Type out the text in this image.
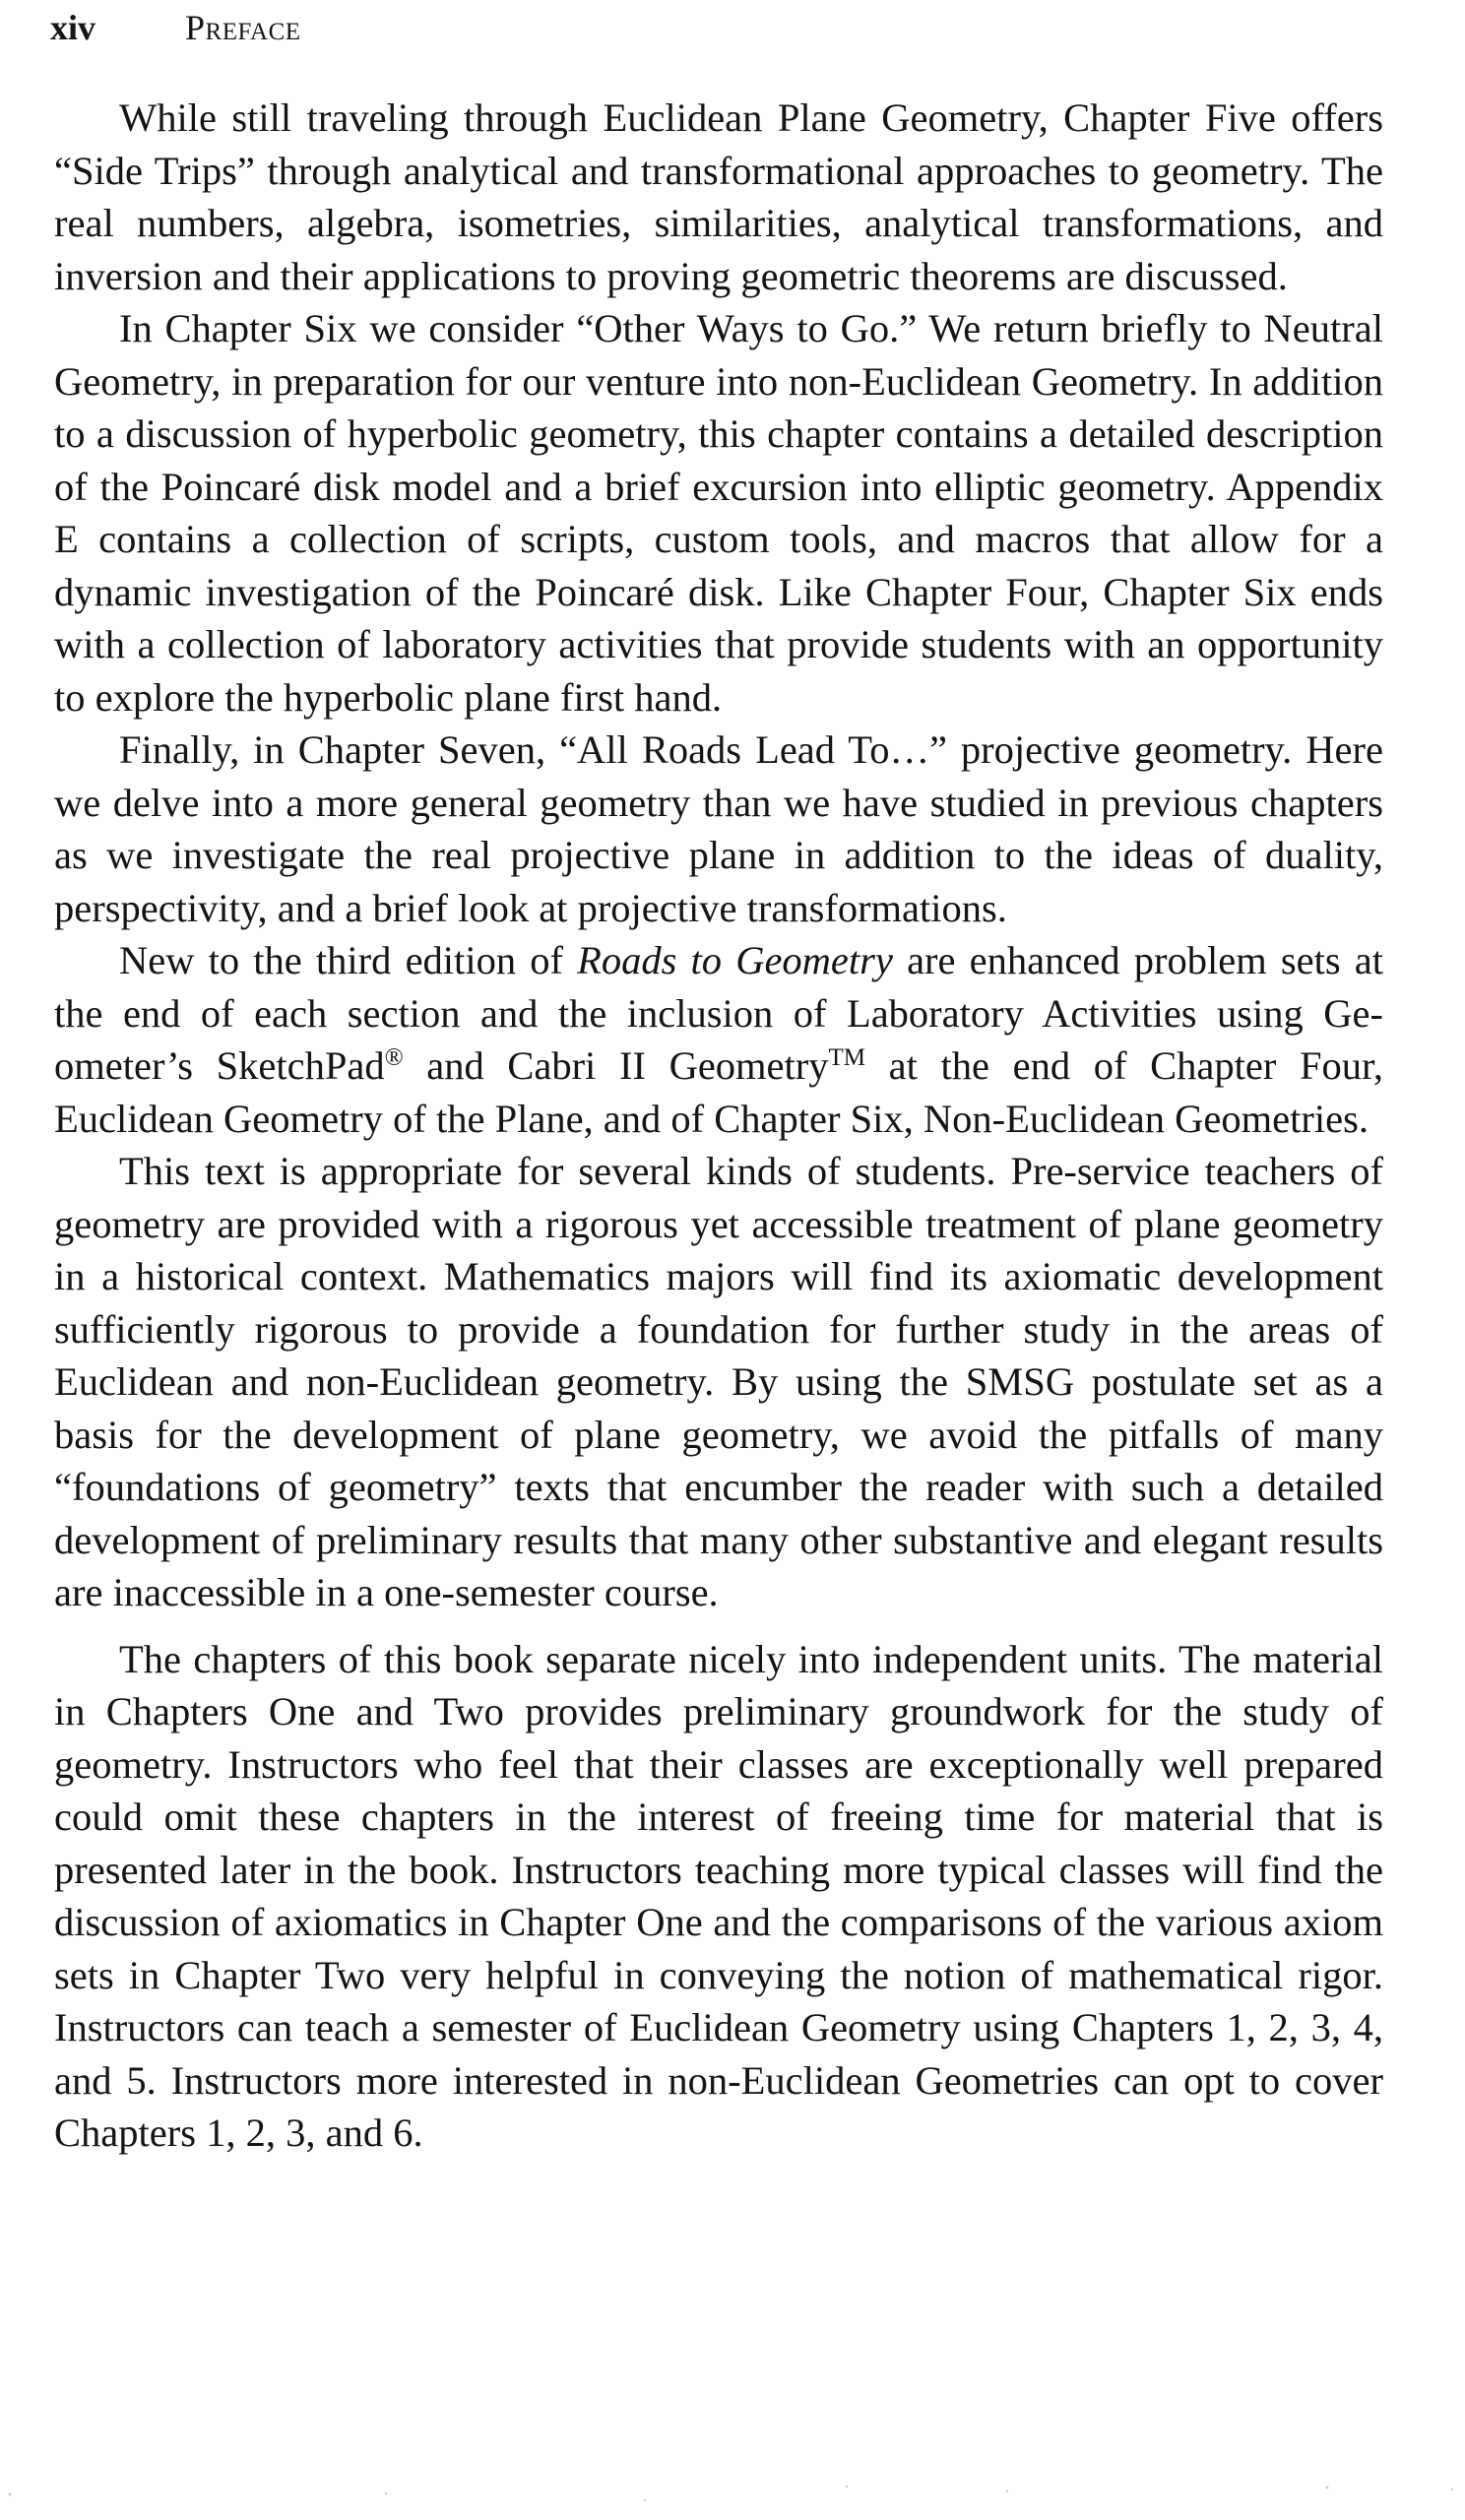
xiv	Preface

While still traveling through Euclidean Plane Geometry, Chapter Five offers “Side Trips” through analytical and transformational approaches to geometry. The real numbers, algebra, isometries, similarities, analytical transformations, and inversion and their applications to proving geometric theorems are discussed.

In Chapter Six we consider “Other Ways to Go.” We return briefly to Neutral Geometry, in preparation for our venture into non-Euclidean Geometry. In addition to a discussion of hyperbolic geometry, this chapter contains a detailed description of the Poincaré disk model and a brief excursion into elliptic geometry. Appendix E contains a collection of scripts, custom tools, and macros that allow for a dynamic investigation of the Poincaré disk. Like Chapter Four, Chapter Six ends with a collection of laboratory activities that provide students with an opportunity to explore the hyperbolic plane first hand.

Finally, in Chapter Seven, “All Roads Lead To…” projective geometry. Here we delve into a more general geometry than we have studied in previous chapters as we investigate the real projective plane in addition to the ideas of duality, perspectivity, and a brief look at projective transformations.

New to the third edition of Roads to Geometry are enhanced problem sets at the end of each section and the inclusion of Laboratory Activities using Geometer’s SketchPad® and Cabri II Geometry™ at the end of Chapter Four, Euclidean Geometry of the Plane, and of Chapter Six, Non-Euclidean Geometries.

This text is appropriate for several kinds of students. Pre-service teachers of geometry are provided with a rigorous yet accessible treatment of plane geometry in a historical context. Mathematics majors will find its axiomatic development sufficiently rigorous to provide a foundation for further study in the areas of Euclidean and non-Euclidean geometry. By using the SMSG postulate set as a basis for the development of plane geometry, we avoid the pitfalls of many “foundations of geometry” texts that encumber the reader with such a detailed development of preliminary results that many other substantive and elegant results are inaccessible in a one-semester course.

The chapters of this book separate nicely into independent units. The material in Chapters One and Two provides preliminary groundwork for the study of geometry. Instructors who feel that their classes are exceptionally well prepared could omit these chapters in the interest of freeing time for material that is presented later in the book. Instructors teaching more typical classes will find the discussion of axiomatics in Chapter One and the comparisons of the various axiom sets in Chapter Two very helpful in conveying the notion of mathematical rigor. Instructors can teach a semester of Euclidean Geometry using Chapters 1, 2, 3, 4, and 5. Instructors more interested in non-Euclidean Geometries can opt to cover Chapters 1, 2, 3, and 6.
